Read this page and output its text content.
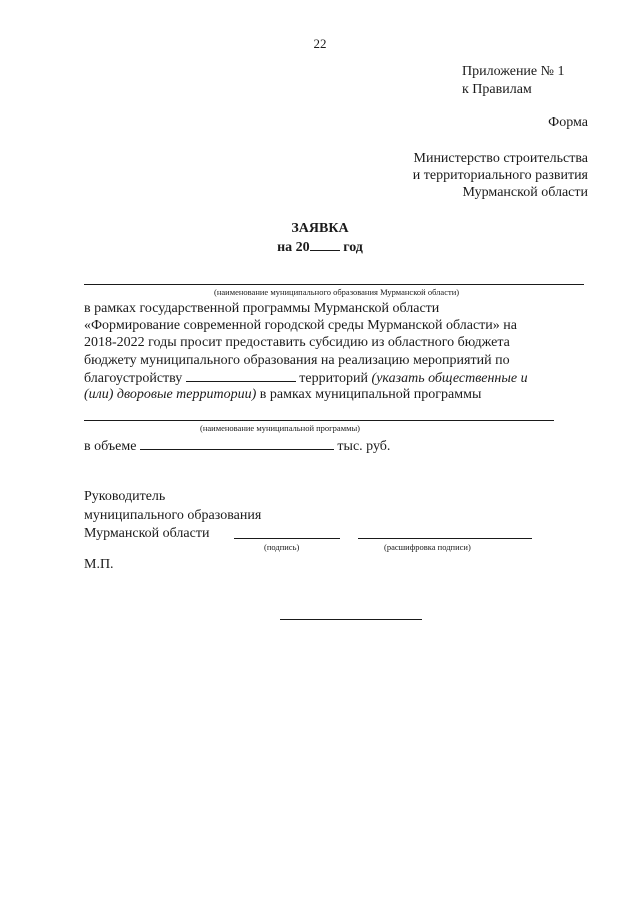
22
Приложение № 1
к Правилам
Форма
Министерство строительства
и территориального развития
Мурманской области
ЗАЯВКА
на 20 год
(наименование муниципального образования Мурманской области)
в рамках государственной программы Мурманской области
«Формирование современной городской среды Мурманской области» на
2018-2022 годы просит предоставить субсидию из областного бюджета
бюджету муниципального образования на реализацию мероприятий по
благоустройству	территорий (указать общественные и
(или) дворовые территории) в рамках муниципальной программы
(наименование муниципальной программы)
в объеме	тыс. руб.
Руководитель
муниципального образования
Мурманской области
(подпись)	(расшифровка подписи)
М.П.
